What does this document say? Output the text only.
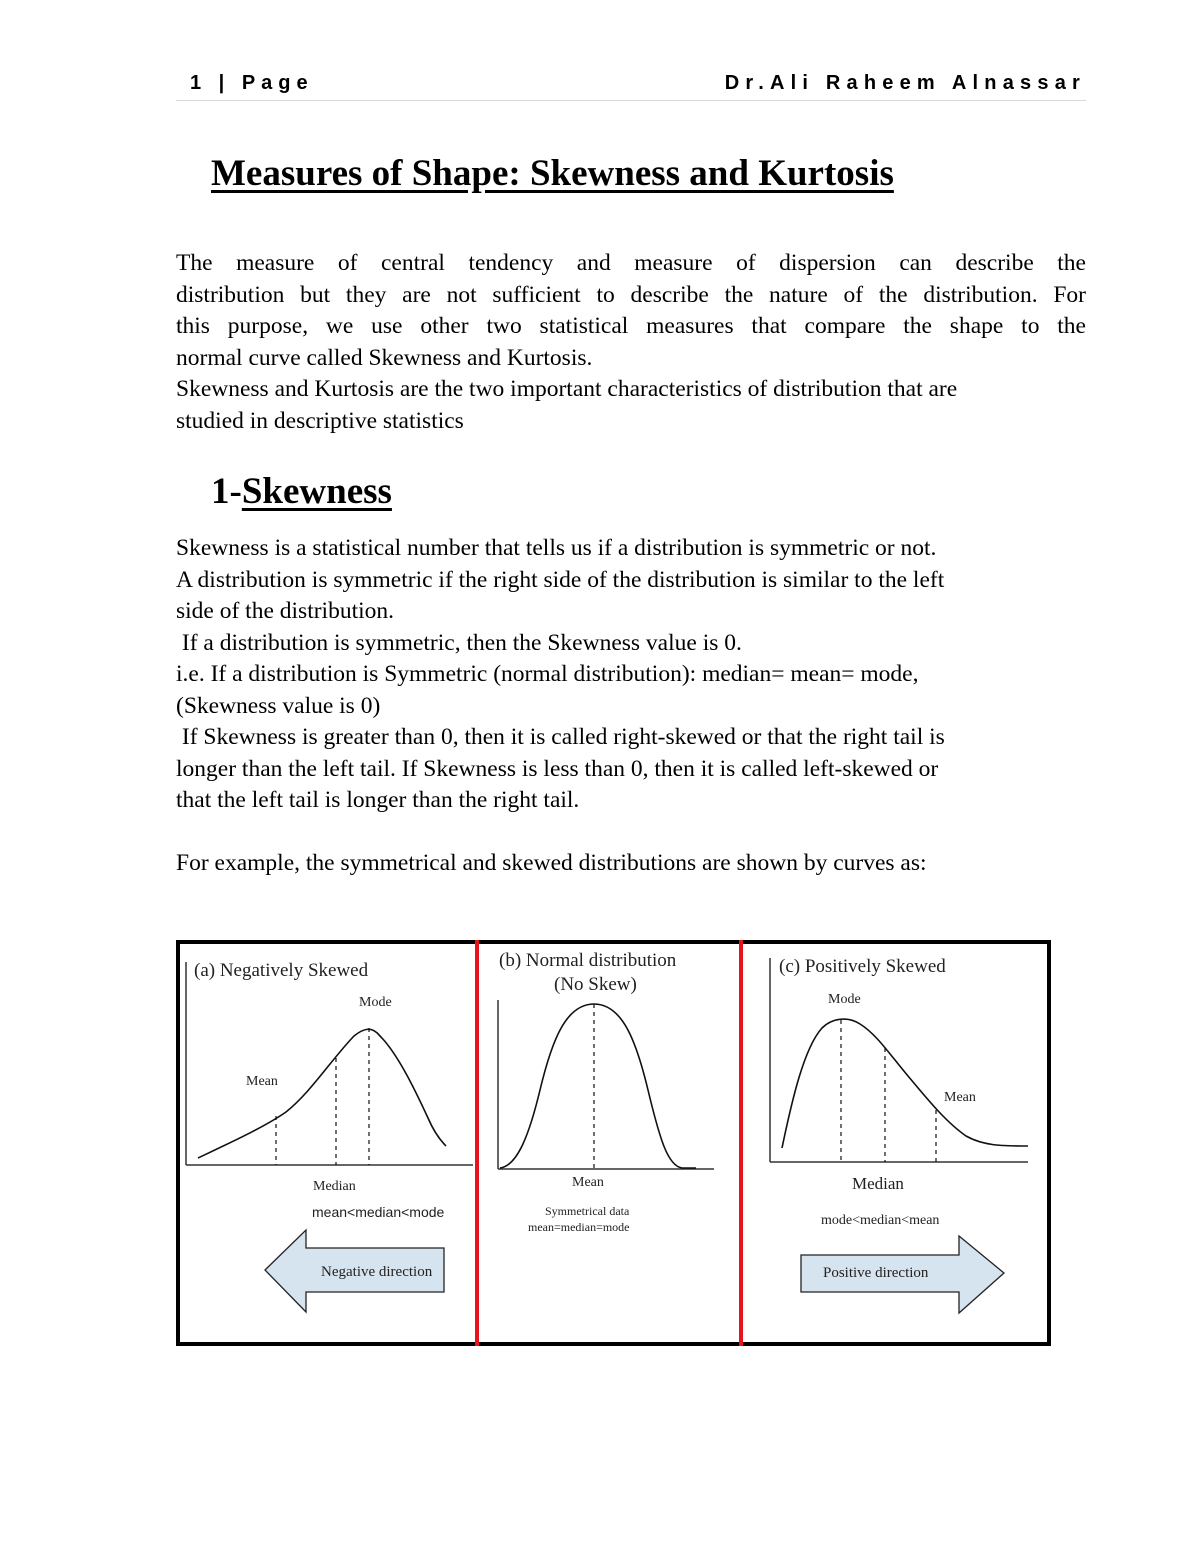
1 | Page	Dr.Ali Raheem Alnassar
Measures of Shape: Skewness and Kurtosis
The measure of central tendency and measure of dispersion can describe the
distribution but they are not sufficient to describe the nature of the distribution. For
this purpose, we use other two statistical measures that compare the shape to the
normal curve called Skewness and Kurtosis.
Skewness and Kurtosis are the two important characteristics of distribution that are
studied in descriptive statistics
1-Skewness
Skewness is a statistical number that tells us if a distribution is symmetric or not.
A distribution is symmetric if the right side of the distribution is similar to the left
side of the distribution.
If a distribution is symmetric, then the Skewness value is 0.
i.e. If a distribution is Symmetric (normal distribution): median= mean= mode,
(Skewness value is 0)
If Skewness is greater than 0, then it is called right-skewed or that the right tail is
longer than the left tail. If Skewness is less than 0, then it is called left-skewed or
that the left tail is longer than the right tail.
For example, the symmetrical and skewed distributions are shown by curves as:
(a) Negatively Skewed
Mode
Mean
Median
mean<median<mode
Negative direction
(b) Normal distribution
(No Skew)
Mean
Symmetrical data
mean=median=mode
(c) Positively Skewed
Mode
Mean
Median
mode<median<mean
Positive direction
